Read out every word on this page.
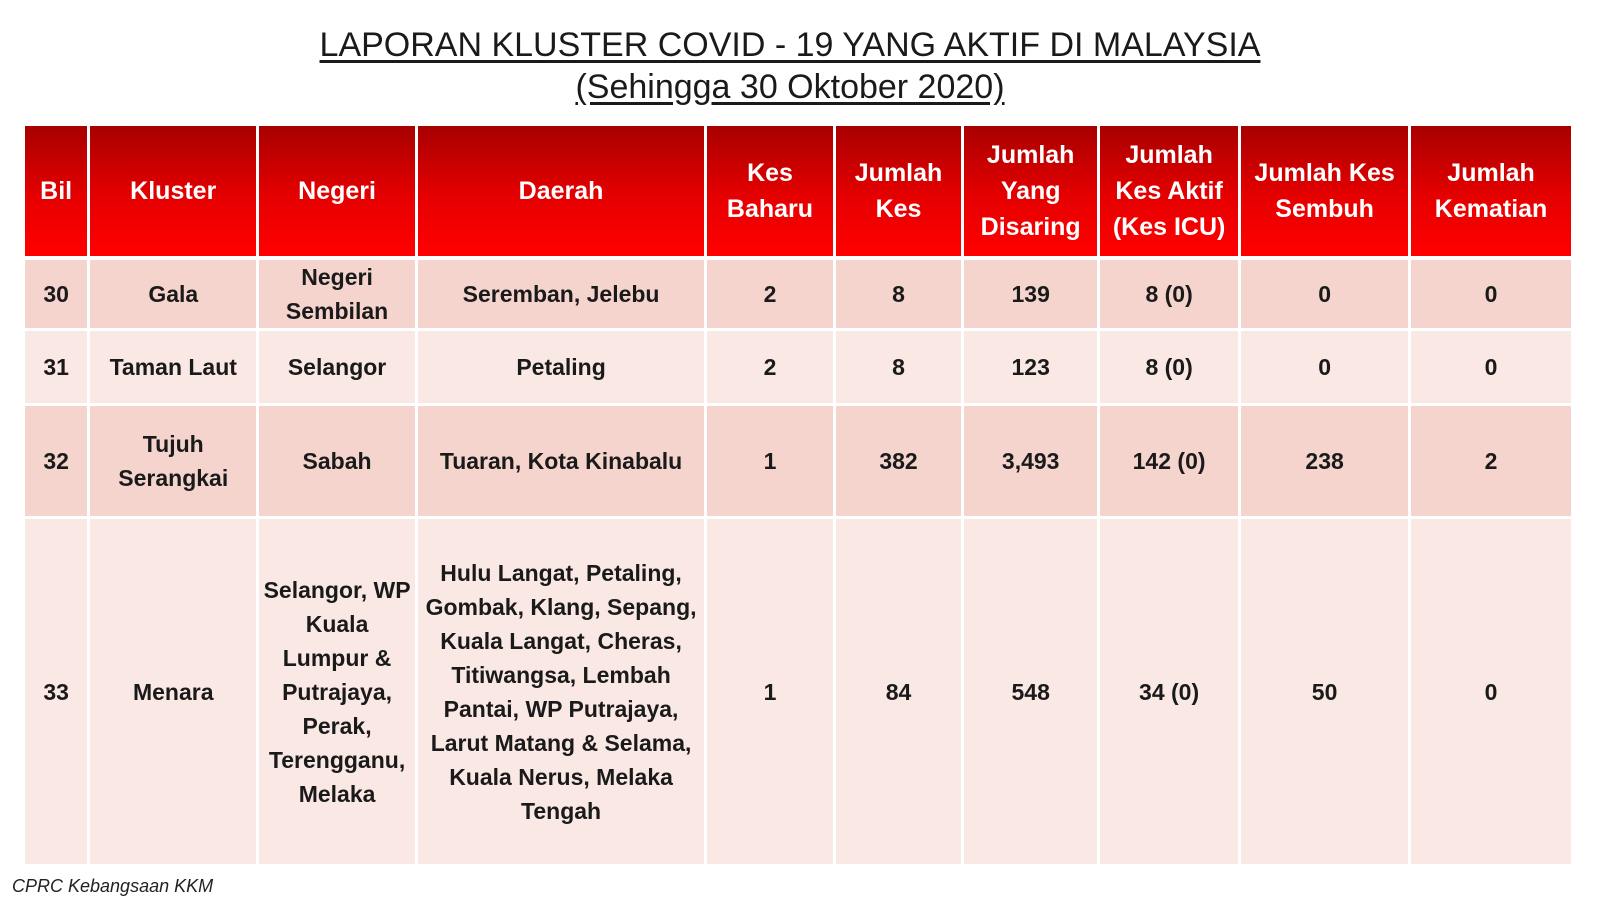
LAPORAN KLUSTER COVID - 19 YANG AKTIF DI MALAYSIA
(Sehingga 30 Oktober 2020)
Bil	Kluster	Negeri	Daerah	Kes Baharu	Jumlah Kes	Jumlah Yang Disaring	Jumlah Kes Aktif (Kes ICU)	Jumlah Kes Sembuh	Jumlah Kematian
30	Gala	Negeri Sembilan	Seremban, Jelebu	2	8	139	8 (0)	0	0
31	Taman Laut	Selangor	Petaling	2	8	123	8 (0)	0	0
32	Tujuh Serangkai	Sabah	Tuaran, Kota Kinabalu	1	382	3,493	142 (0)	238	2
33	Menara	Selangor, WP Kuala Lumpur & Putrajaya, Perak, Terengganu, Melaka	Hulu Langat, Petaling, Gombak, Klang, Sepang, Kuala Langat, Cheras, Titiwangsa, Lembah Pantai, WP Putrajaya, Larut Matang & Selama, Kuala Nerus, Melaka Tengah	1	84	548	34 (0)	50	0
CPRC Kebangsaan KKM
